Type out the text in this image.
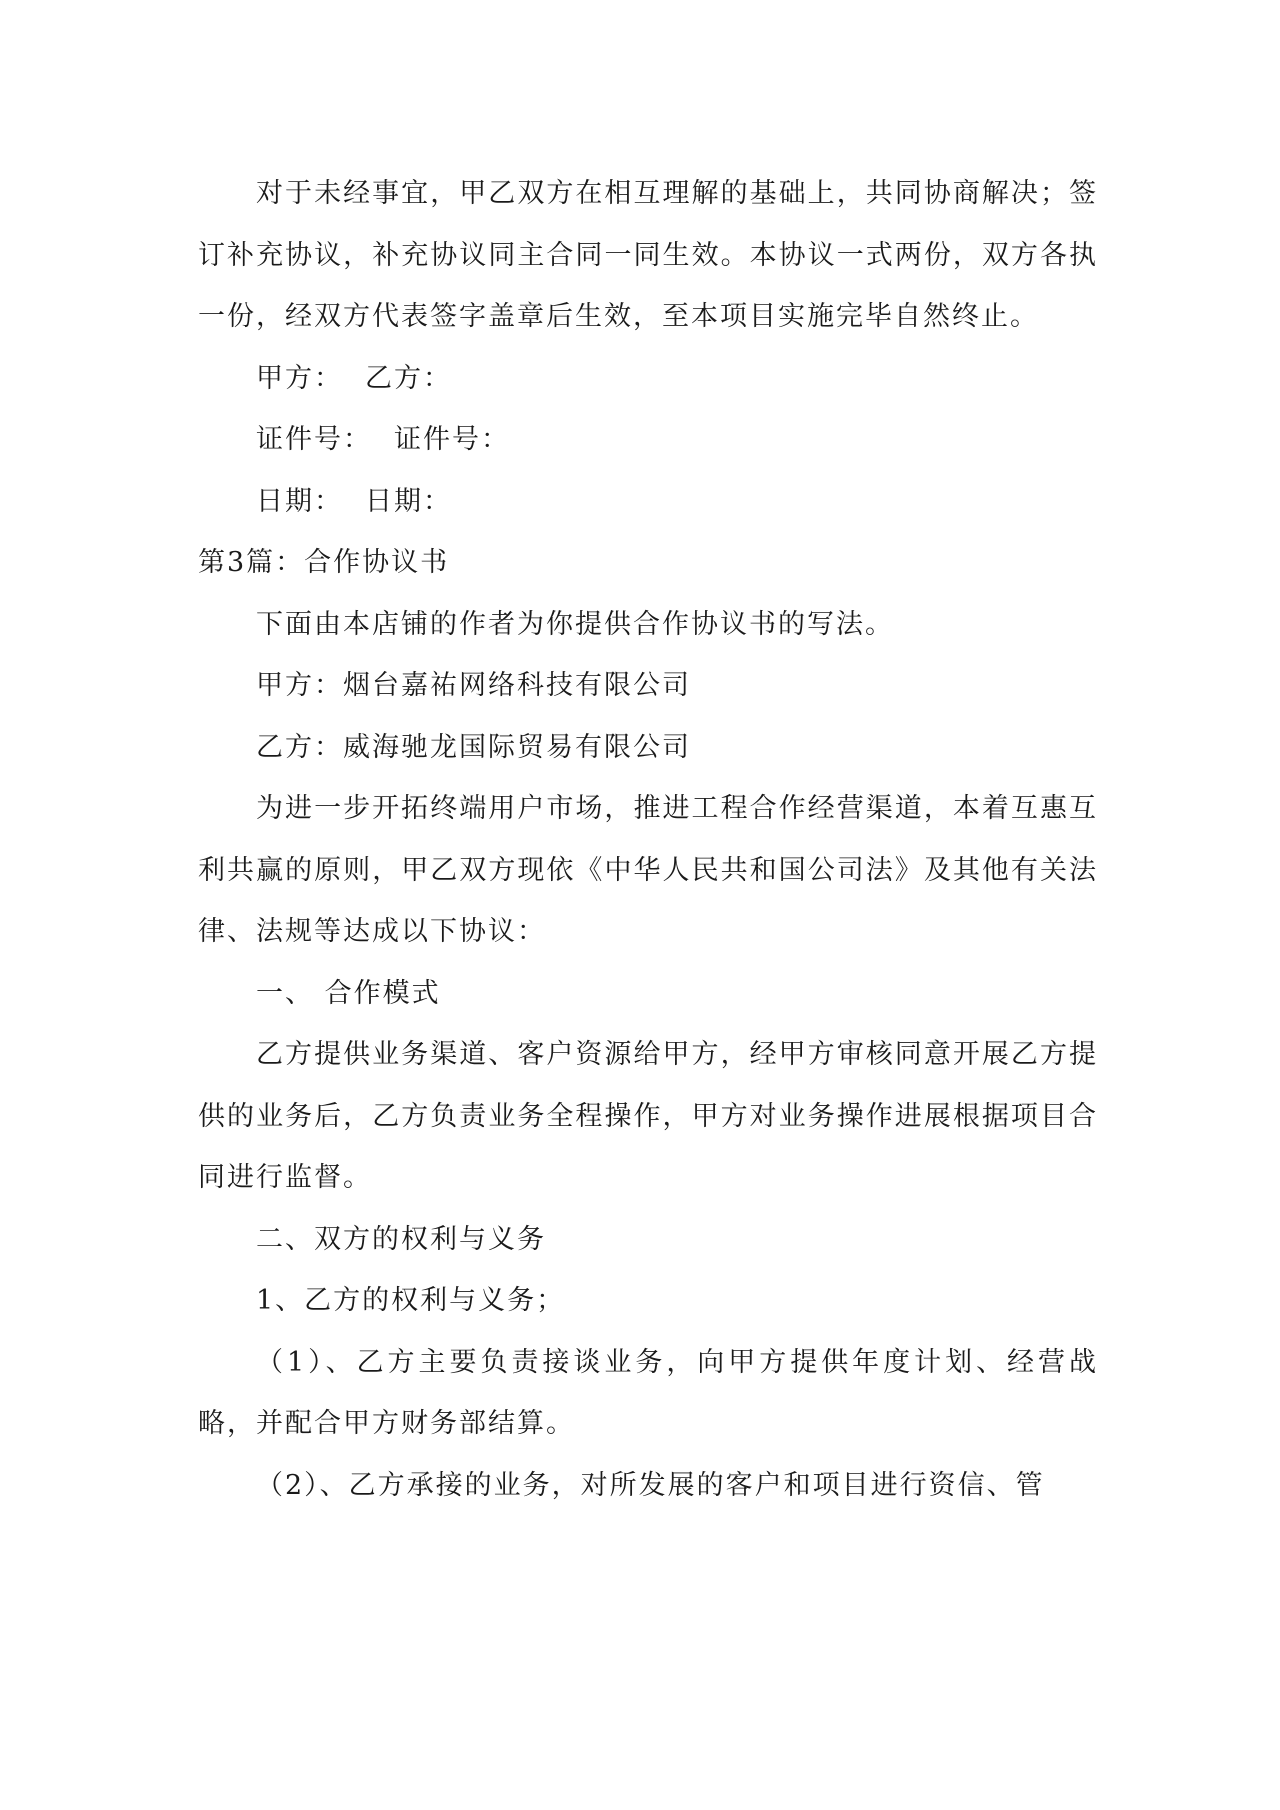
对于未经事宜，甲乙双方在相互理解的基础上，共同协商解决；签订补充协议，补充协议同主合同一同生效。本协议一式两份，双方各执一份，经双方代表签字盖章后生效，至本项目实施完毕自然终止。

甲方： 乙方：

证件号： 证件号：

日期： 日期：

第3篇：合作协议书

下面由本店铺的作者为你提供合作协议书的写法。

甲方：烟台嘉祐网络科技有限公司

乙方：威海驰龙国际贸易有限公司

为进一步开拓终端用户市场，推进工程合作经营渠道，本着互惠互利共赢的原则，甲乙双方现依《中华人民共和国公司法》及其他有关法律、法规等达成以下协议：

一、 合作模式

乙方提供业务渠道、客户资源给甲方，经甲方审核同意开展乙方提供的业务后，乙方负责业务全程操作，甲方对业务操作进展根据项目合同进行监督。

二、双方的权利与义务

1、乙方的权利与义务；

（1）、乙方主要负责接谈业务，向甲方提供年度计划、经营战略，并配合甲方财务部结算。

（2）、乙方承接的业务，对所发展的客户和项目进行资信、管
